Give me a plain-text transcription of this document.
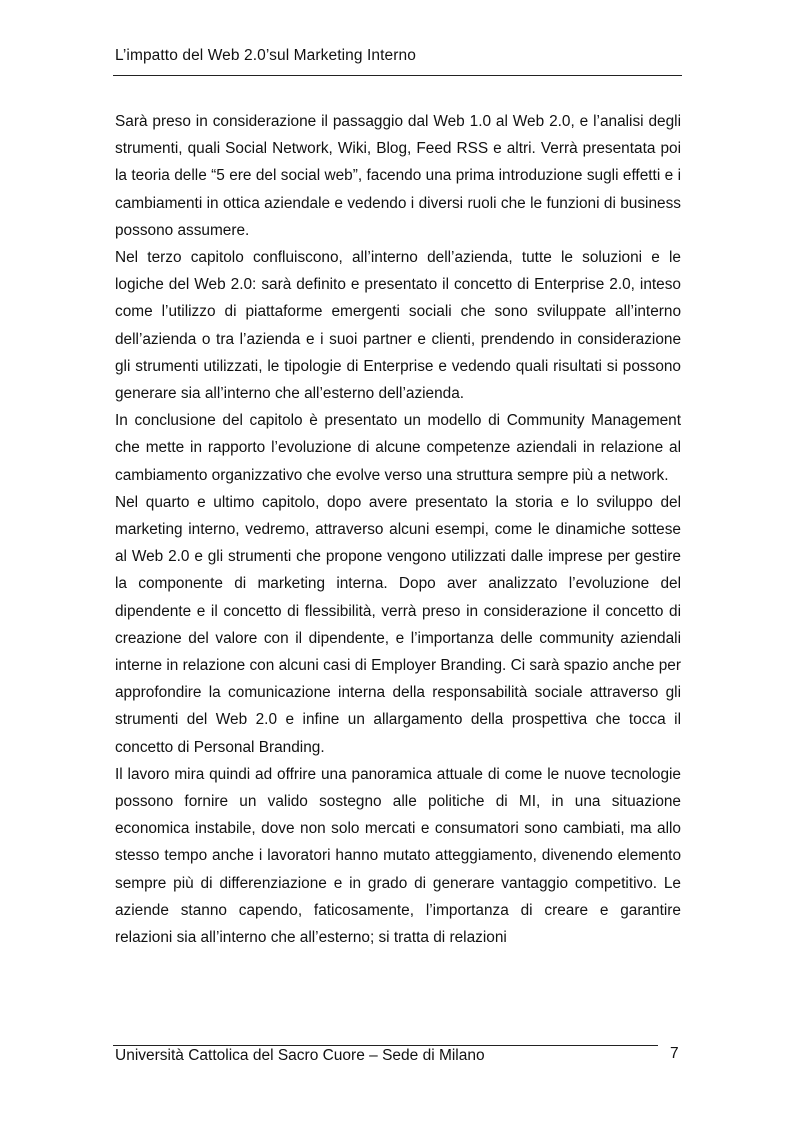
L’impatto del Web 2.0’sul Marketing Interno

Sarà preso in considerazione il passaggio dal Web 1.0 al Web 2.0, e l’analisi degli strumenti, quali Social Network, Wiki, Blog, Feed RSS e altri. Verrà presentata poi la teoria delle “5 ere del social web”, facendo una prima introduzione sugli effetti e i cambiamenti in ottica aziendale e vedendo i diversi ruoli che le funzioni di business possono assumere.

Nel terzo capitolo confluiscono, all’interno dell’azienda, tutte le soluzioni e le logiche del Web 2.0: sarà definito e presentato il concetto di Enterprise 2.0, inteso come l’utilizzo di piattaforme emergenti sociali che sono sviluppate all’interno dell’azienda o tra l’azienda e i suoi partner e clienti, prendendo in considerazione gli strumenti utilizzati, le tipologie di Enterprise e vedendo quali risultati si possono generare sia all’interno che all’esterno dell’azienda.

In conclusione del capitolo è presentato un modello di Community Management che mette in rapporto l’evoluzione di alcune competenze aziendali in relazione al cambiamento organizzativo che evolve verso una struttura sempre più a network.

Nel quarto e ultimo capitolo, dopo avere presentato la storia e lo sviluppo del marketing interno, vedremo, attraverso alcuni esempi, come le dinamiche sottese al Web 2.0 e gli strumenti che propone vengono utilizzati dalle imprese per gestire la componente di marketing interna. Dopo aver analizzato l’evoluzione del dipendente e il concetto di flessibilità, verrà preso in considerazione il concetto di creazione del valore con il dipendente, e l’importanza delle community aziendali interne in relazione con alcuni casi di Employer Branding. Ci sarà spazio anche per approfondire la comunicazione interna della responsabilità sociale attraverso gli strumenti del Web 2.0 e infine un allargamento della prospettiva che tocca il concetto di Personal Branding.

Il lavoro mira quindi ad offrire una panoramica attuale di come le nuove tecnologie possono fornire un valido sostegno alle politiche di MI, in una situazione economica instabile, dove non solo mercati e consumatori sono cambiati, ma allo stesso tempo anche i lavoratori hanno mutato atteggiamento, divenendo elemento sempre più di differenziazione e in grado di generare vantaggio competitivo. Le aziende stanno capendo, faticosamente, l’importanza di creare e garantire relazioni sia all’interno che all’esterno; si tratta di relazioni

Università Cattolica del Sacro Cuore – Sede di Milano	7
